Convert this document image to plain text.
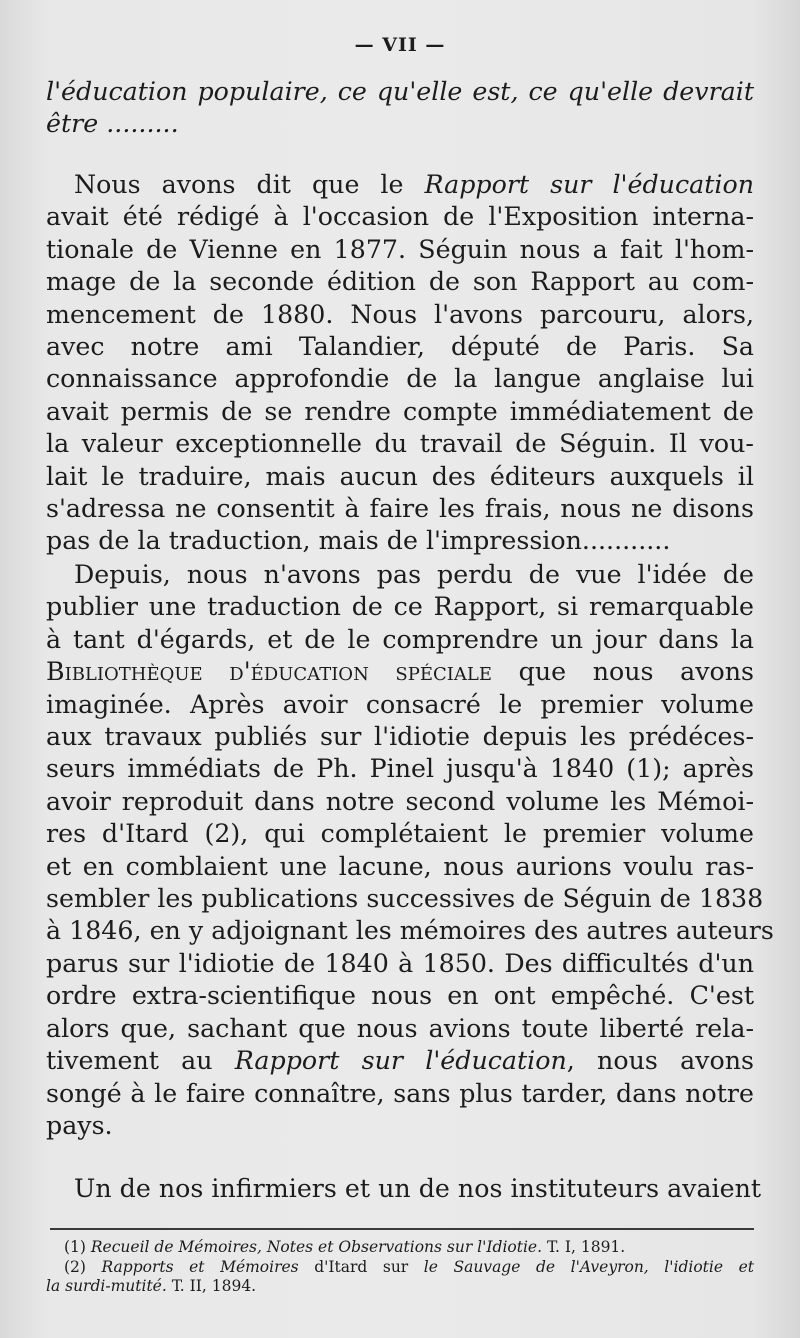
— VII —
l'éducation populaire, ce qu'elle est, ce qu'elle devrait
être .........
Nous avons dit que le Rapport sur l'éducation
avait été rédigé à l'occasion de l'Exposition interna-
tionale de Vienne en 1877. Séguin nous a fait l'hom-
mage de la seconde édition de son Rapport au com-
mencement de 1880. Nous l'avons parcouru, alors,
avec notre ami Talandier, député de Paris. Sa
connaissance approfondie de la langue anglaise lui
avait permis de se rendre compte immédiatement de
la valeur exceptionnelle du travail de Séguin. Il vou-
lait le traduire, mais aucun des éditeurs auxquels il
s'adressa ne consentit à faire les frais, nous ne disons
pas de la traduction, mais de l'impression...........
Depuis, nous n'avons pas perdu de vue l'idée de
publier une traduction de ce Rapport, si remarquable
à tant d'égards, et de le comprendre un jour dans la
Bibliothèque d'éducation spéciale que nous avons
imaginée. Après avoir consacré le premier volume
aux travaux publiés sur l'idiotie depuis les prédéces-
seurs immédiats de Ph. Pinel jusqu'à 1840 (1); après
avoir reproduit dans notre second volume les Mémoi-
res d'Itard (2), qui complétaient le premier volume
et en comblaient une lacune, nous aurions voulu ras-
sembler les publications successives de Séguin de 1838
à 1846, en y adjoignant les mémoires des autres auteurs
parus sur l'idiotie de 1840 à 1850. Des difficultés d'un
ordre extra-scientifique nous en ont empêché. C'est
alors que, sachant que nous avions toute liberté rela-
tivement au Rapport sur l'éducation, nous avons
songé à le faire connaître, sans plus tarder, dans notre
pays.
Un de nos infirmiers et un de nos instituteurs avaient
(1) Recueil de Mémoires, Notes et Observations sur l'Idiotie. T. I, 1891.
(2) Rapports et Mémoires d'Itard sur le Sauvage de l'Aveyron, l'idiotie et
la surdi-mutité. T. II, 1894.
